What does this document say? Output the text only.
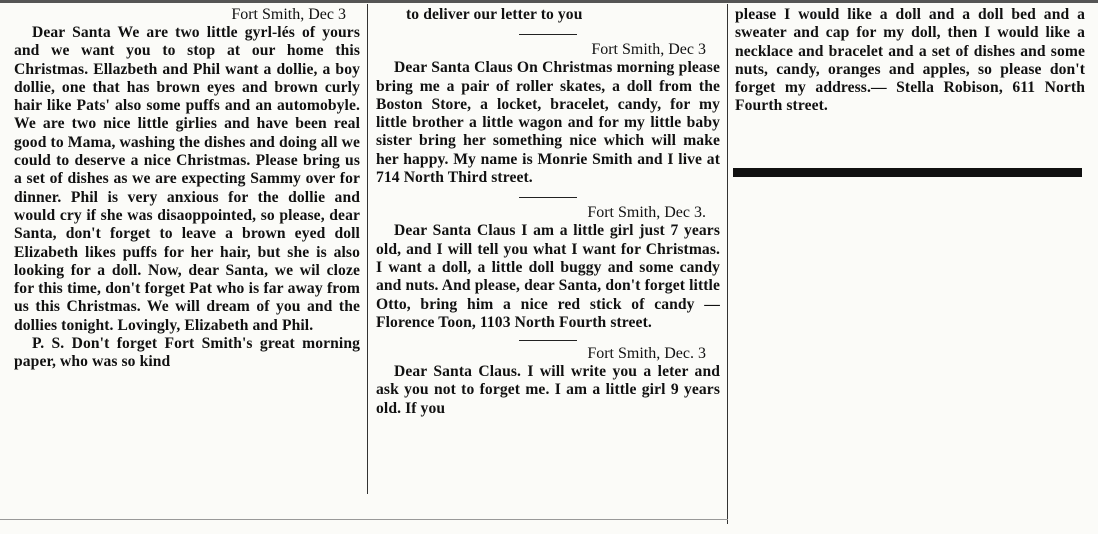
Fort Smith, Dec 3

Dear Santa We are two little gyrl-lés of yours and we want you to stop at our home this Christmas. Ellazbeth and Phil want a dollie, a boy dollie, one that has brown eyes and brown curly hair like Pats' also some puffs and an automobyle. We are two nice little girlies and have been real good to Mama, washing the dishes and doing all we could to deserve a nice Christmas. Please bring us a set of dishes as we are expecting Sammy over for dinner. Phil is very anxious for the dollie and would cry if she was disaoppointed, so please, dear Santa, don't forget to leave a brown eyed doll Elizabeth likes puffs for her hair, but she is also looking for a doll. Now, dear Santa, we wil cloze for this time, don't forget Pat who is far away from us this Christmas. We will dream of you and the dollies tonight. Lovingly, Elizabeth and Phil.

P. S. Don't forget Fort Smith's great morning paper, who was so kind

to deliver our letter to you

Fort Smith, Dec 3

Dear Santa Claus On Christmas morning please bring me a pair of roller skates, a doll from the Boston Store, a locket, bracelet, candy, for my little brother a little wagon and for my little baby sister bring her something nice which will make her happy. My name is Monrie Smith and I live at 714 North Third street.

Fort Smith, Dec 3.

Dear Santa Claus I am a little girl just 7 years old, and I will tell you what I want for Christmas. I want a doll, a little doll buggy and some candy and nuts. And please, dear Santa, don't forget little Otto, bring him a nice red stick of candy —Florence Toon, 1103 North Fourth street.

Fort Smith, Dec. 3

Dear Santa Claus. I will write you a leter and ask you not to forget me. I am a little girl 9 years old. If you

please I would like a doll and a doll bed and a sweater and cap for my doll, then I would like a necklace and bracelet and a set of dishes and some nuts, candy, oranges and apples, so please don't forget my address.— Stella Robison, 611 North Fourth street.
